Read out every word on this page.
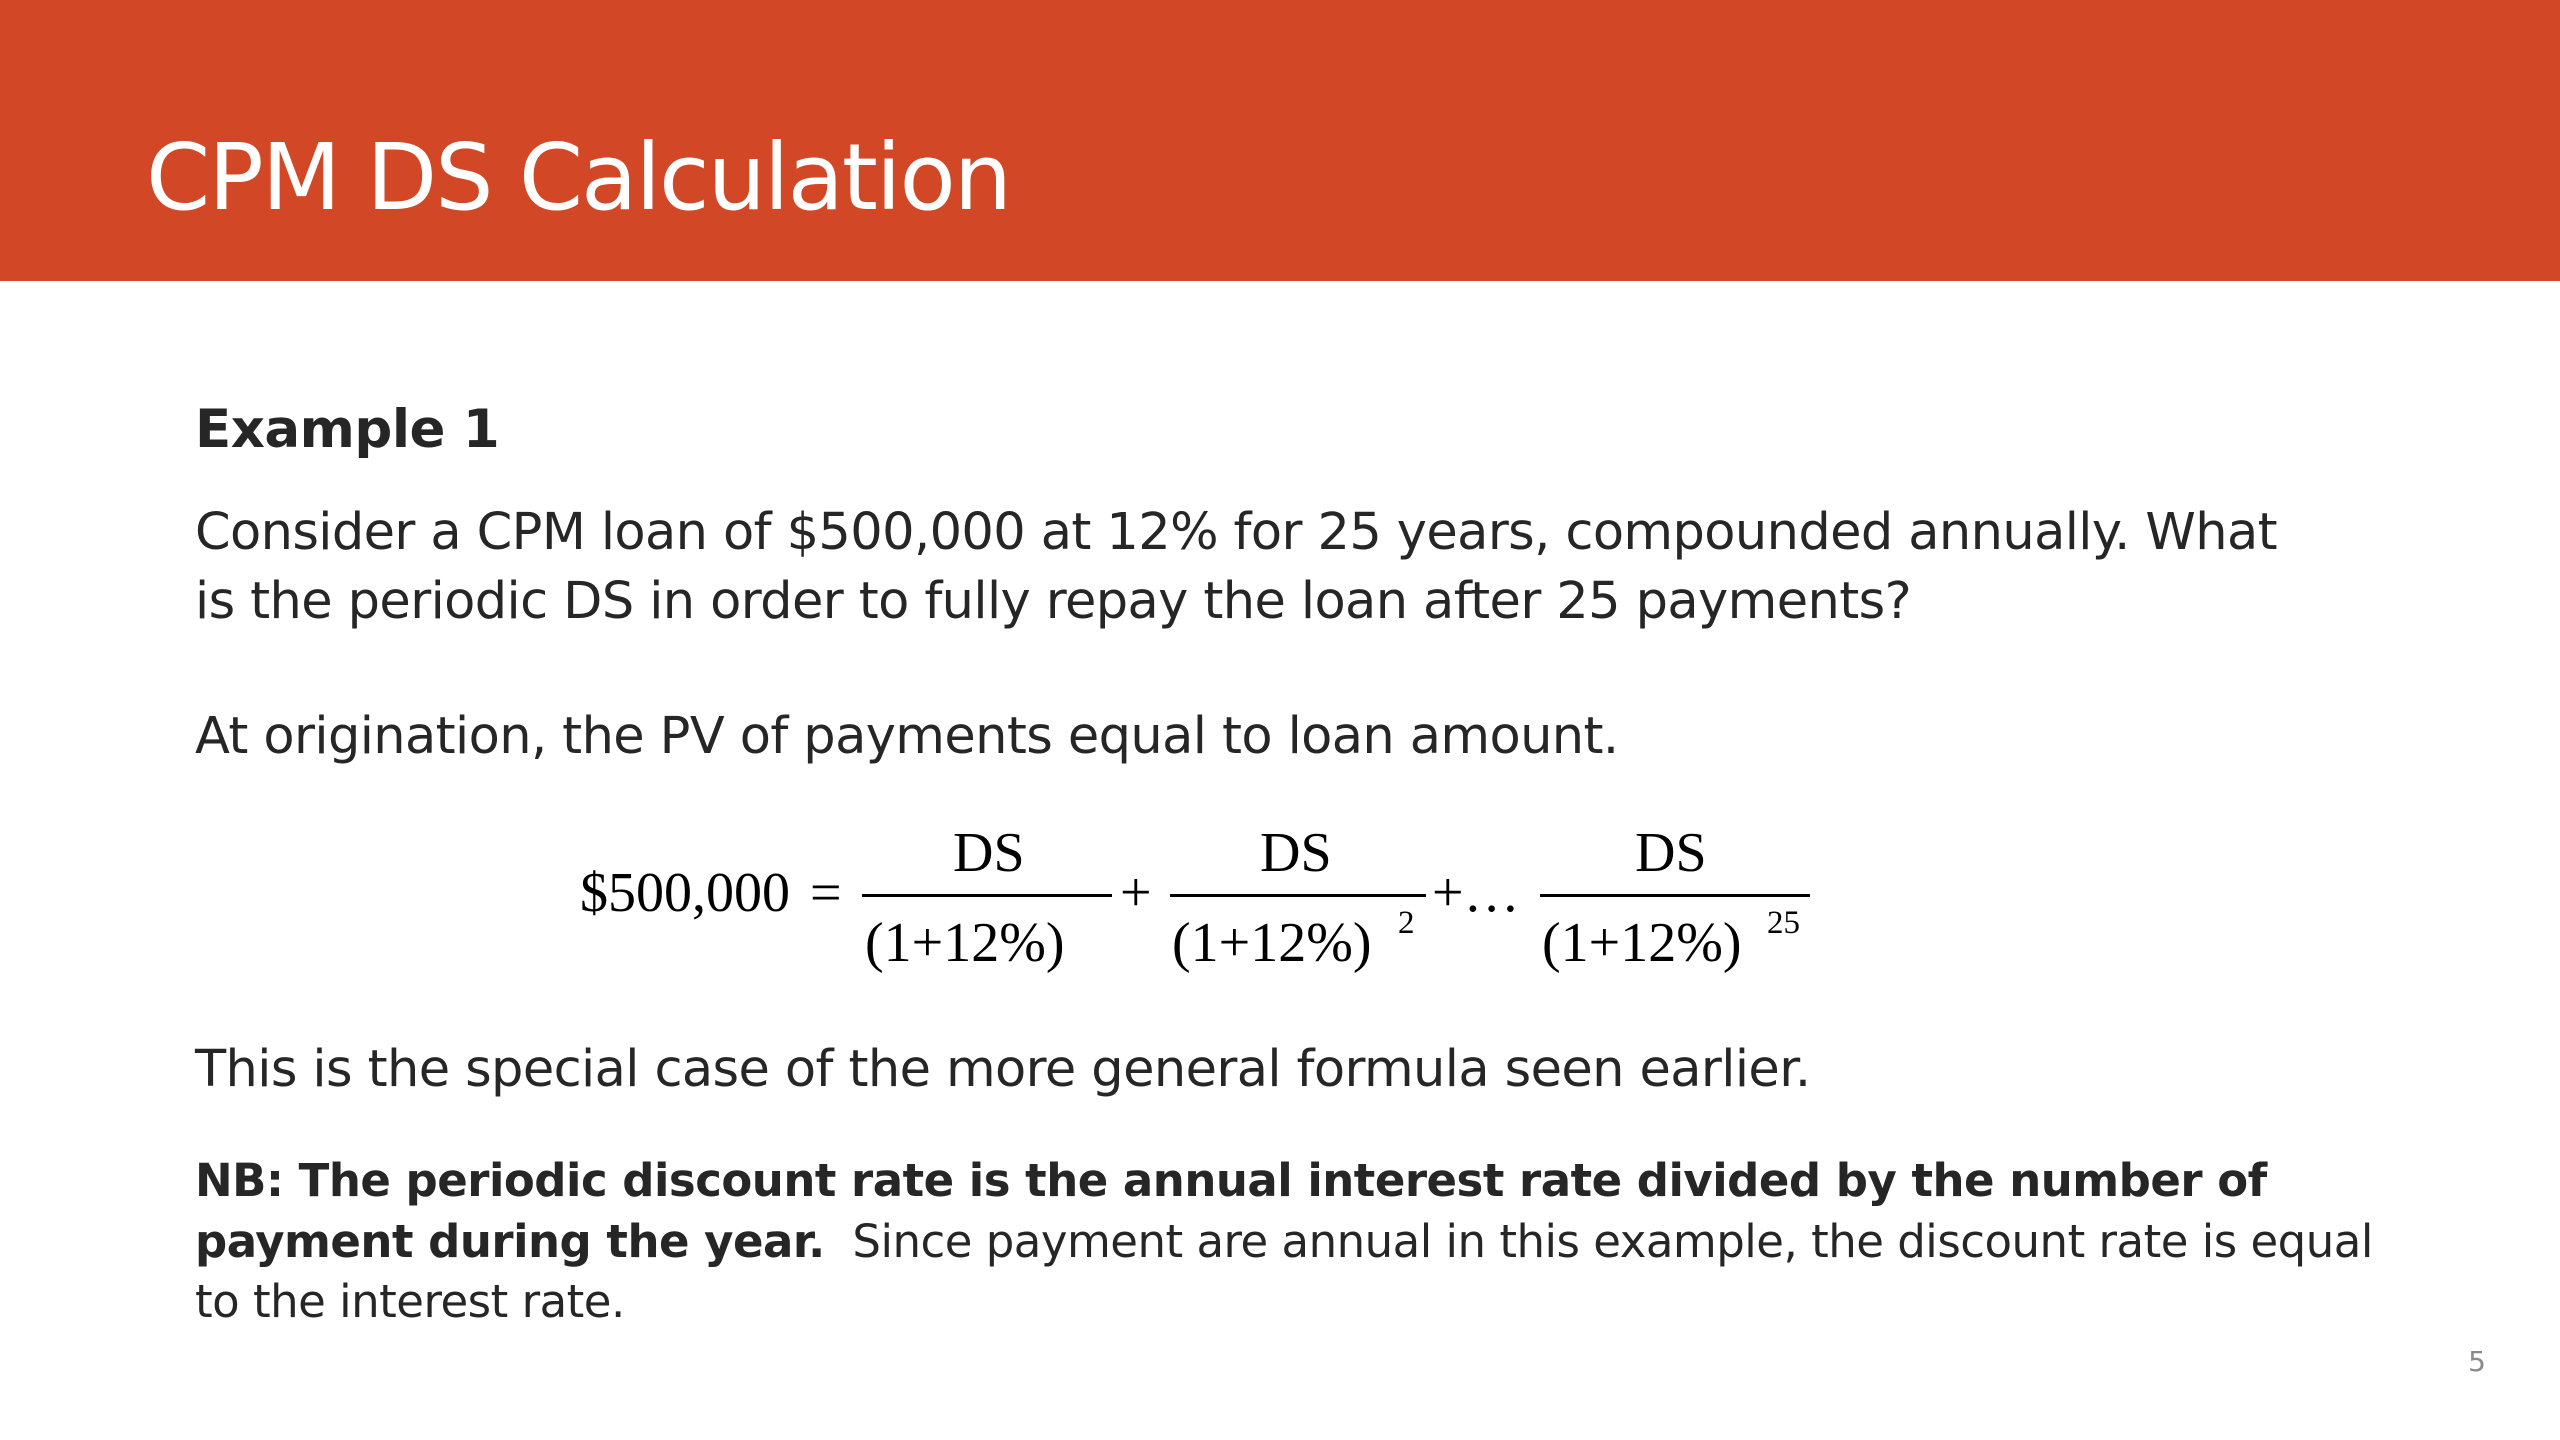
CPM DS Calculation
Example 1
Consider a CPM loan of $500,000 at 12% for 25 years, compounded annually. What
is the periodic DS in order to fully repay the loan after 25 payments?
At origination, the PV of payments equal to loan amount.
$500,000 =
DS
(1+12%)
+
DS
(1+12%) 2 +…
DS
(1+12%) 25
This is the special case of the more general formula seen earlier.
NB: The periodic discount rate is the annual interest rate divided by the number of
payment during the year. Since payment are annual in this example, the discount rate is equal
to the interest rate.
5
